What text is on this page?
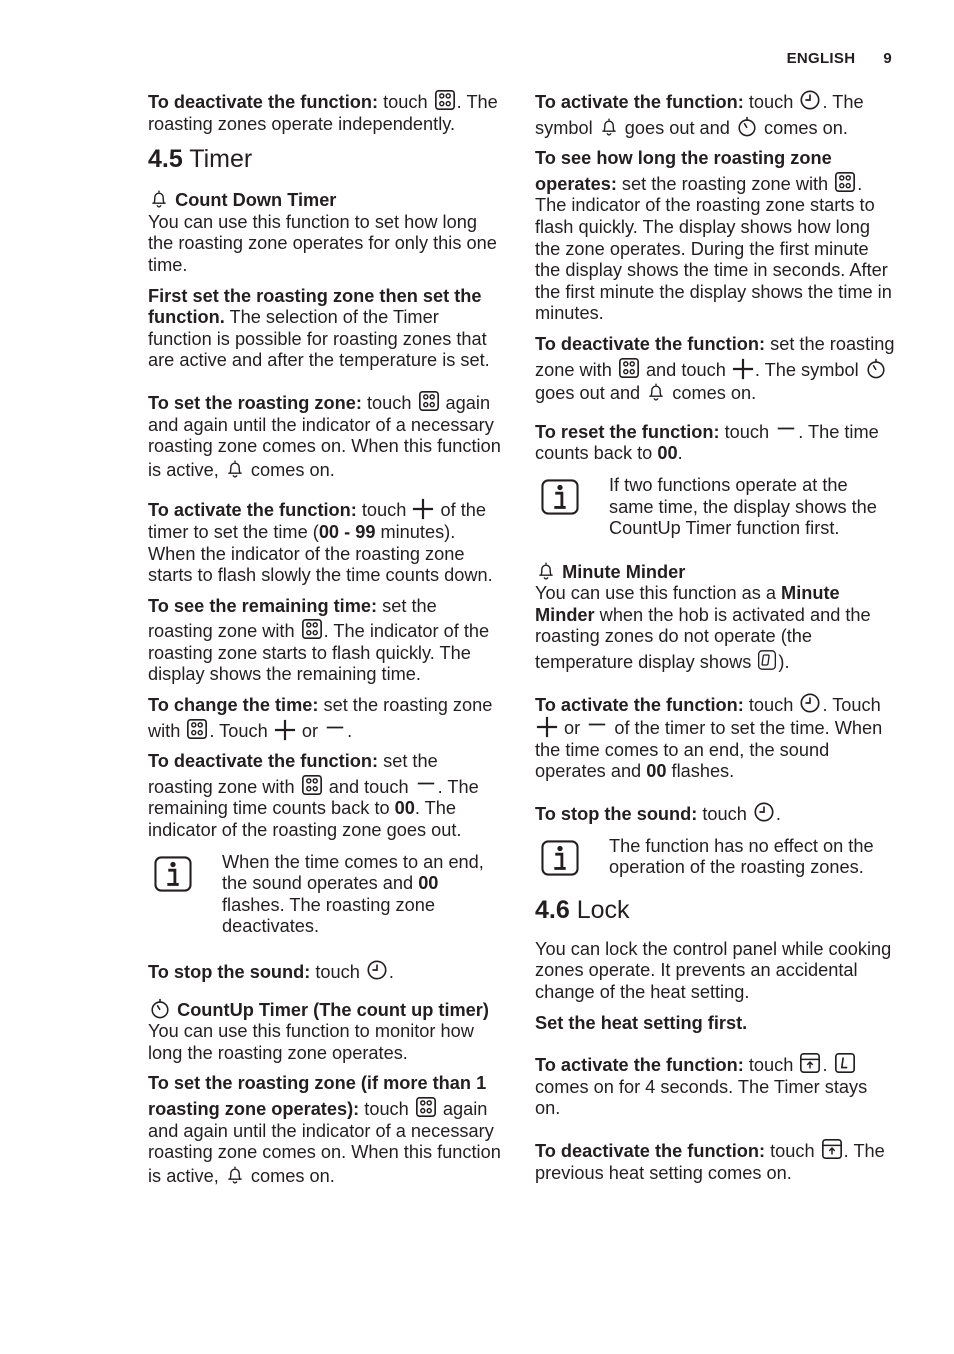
ENGLISH 9

To deactivate the function: touch . The roasting zones operate independently.

4.5 Timer

Count Down Timer

You can use this function to set how long the roasting zone operates for only this one time.

First set the roasting zone then set the function. The selection of the Timer function is possible for roasting zones that are active and after the temperature is set.

To set the roasting zone: touch  again and again until the indicator of a necessary roasting zone comes on. When this function is active,  comes on.

To activate the function: touch  of the timer to set the time (00 - 99 minutes). When the indicator of the roasting zone starts to flash slowly the time counts down.

To see the remaining time: set the roasting zone with . The indicator of the roasting zone starts to flash quickly. The display shows the remaining time.

To change the time: set the roasting zone with . Touch  or .

To deactivate the function: set the roasting zone with  and touch . The remaining time counts back to 00. The indicator of the roasting zone goes out.

When the time comes to an end, the sound operates and 00 flashes. The roasting zone deactivates.

To stop the sound: touch .

CountUp Timer (The count up timer)

You can use this function to monitor how long the roasting zone operates.

To set the roasting zone (if more than 1 roasting zone operates): touch  again and again until the indicator of a necessary roasting zone comes on. When this function is active,  comes on.

To activate the function: touch . The symbol  goes out and  comes on.

To see how long the roasting zone operates: set the roasting zone with . The indicator of the roasting zone starts to flash quickly. The display shows how long the zone operates. During the first minute the display shows the time in seconds. After the first minute the display shows the time in minutes.

To deactivate the function: set the roasting zone with  and touch . The symbol  goes out and  comes on.

To reset the function: touch . The time counts back to 00.

If two functions operate at the same time, the display shows the CountUp Timer function first.

Minute Minder

You can use this function as a Minute Minder when the hob is activated and the roasting zones do not operate (the temperature display shows ).

To activate the function: touch . Touch  or  of the timer to set the time. When the time comes to an end, the sound operates and 00 flashes.

To stop the sound: touch .

The function has no effect on the operation of the roasting zones.
4.6 Lock

You can lock the control panel while cooking zones operate. It prevents an accidental change of the heat setting.

Set the heat setting first.

To activate the function: touch .  comes on for 4 seconds. The Timer stays on.

To deactivate the function: touch . The previous heat setting comes on.
